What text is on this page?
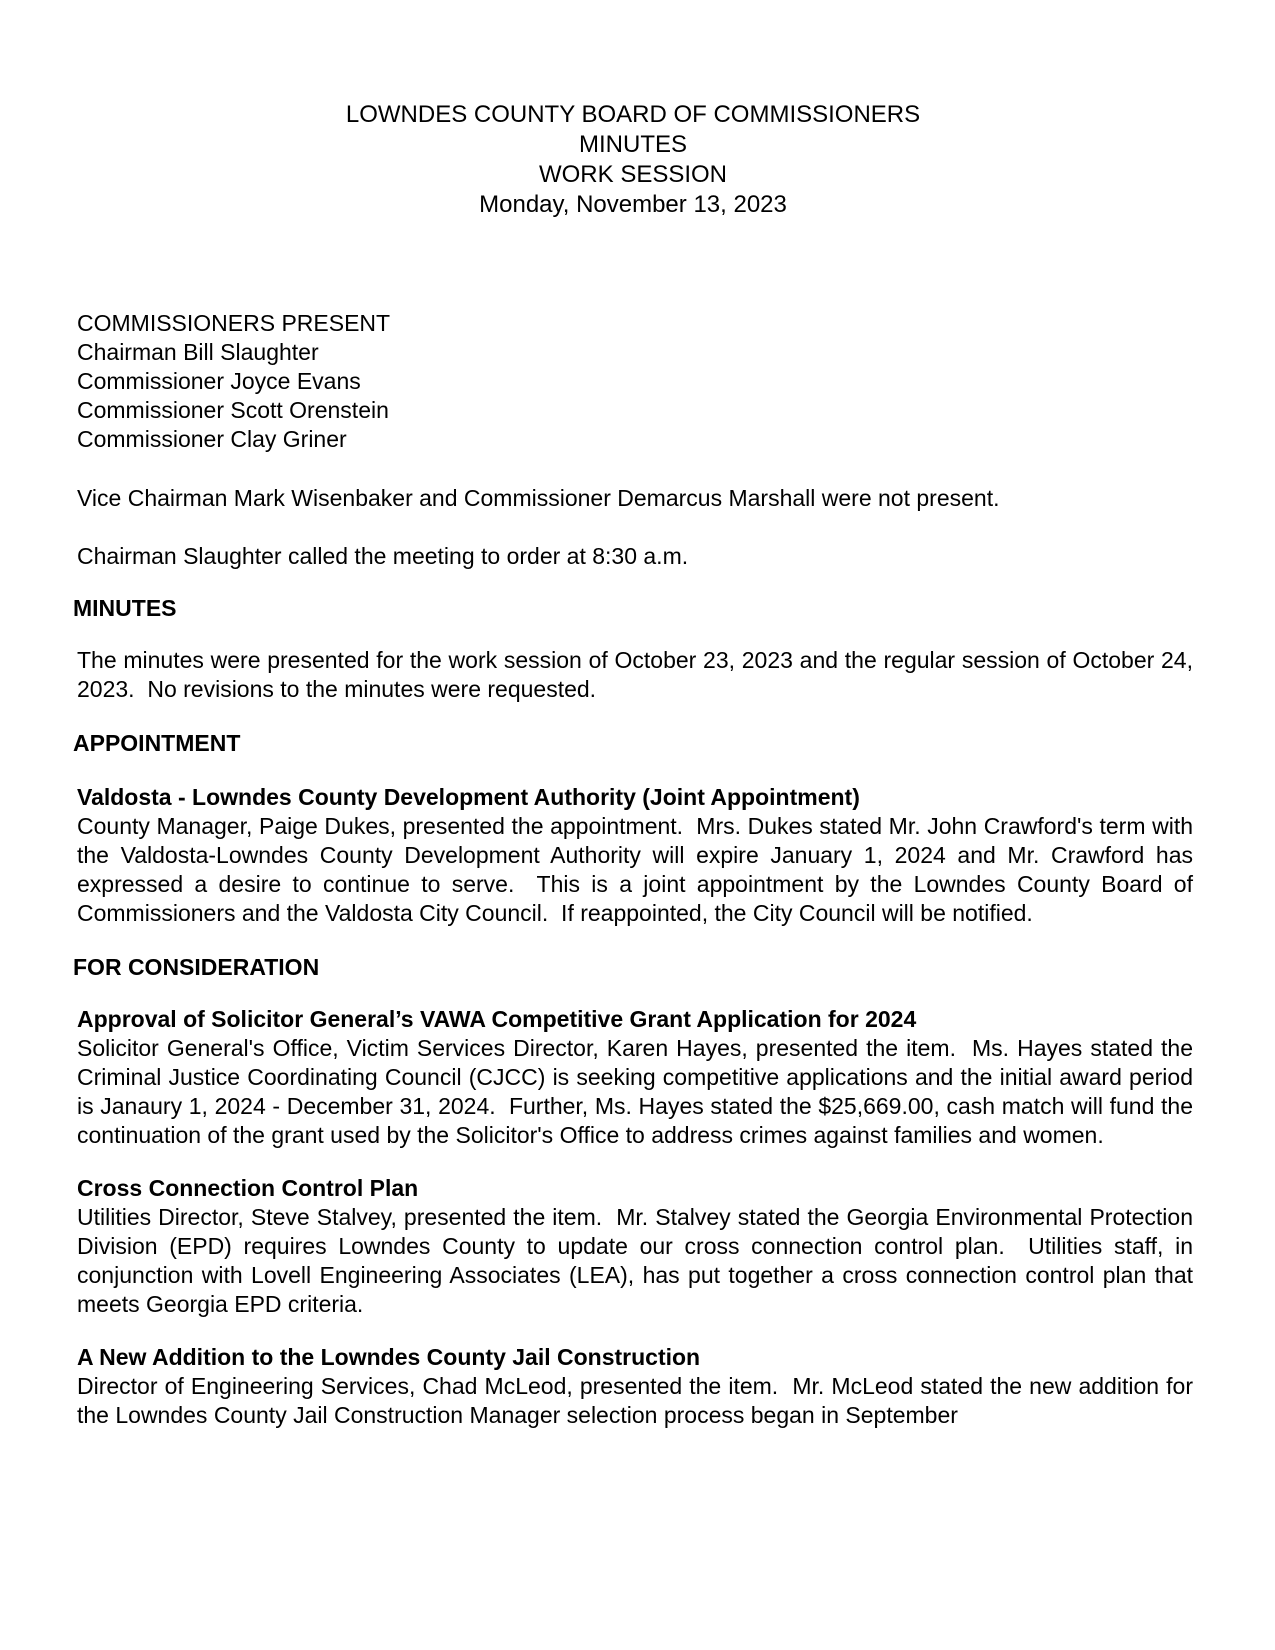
LOWNDES COUNTY BOARD OF COMMISSIONERS
MINUTES
WORK SESSION
Monday, November 13, 2023
COMMISSIONERS PRESENT
Chairman Bill Slaughter
Commissioner Joyce Evans
Commissioner Scott Orenstein
Commissioner Clay Griner
Vice Chairman Mark Wisenbaker and Commissioner Demarcus Marshall were not present.
Chairman Slaughter called the meeting to order at 8:30 a.m.
MINUTES
The minutes were presented for the work session of October 23, 2023 and the regular session of October 24, 2023.  No revisions to the minutes were requested.
APPOINTMENT
Valdosta - Lowndes County Development Authority (Joint Appointment)
County Manager, Paige Dukes, presented the appointment.  Mrs. Dukes stated Mr. John Crawford's term with the Valdosta-Lowndes County Development Authority will expire January 1, 2024 and Mr. Crawford has expressed a desire to continue to serve.  This is a joint appointment by the Lowndes County Board of Commissioners and the Valdosta City Council.  If reappointed, the City Council will be notified.
FOR CONSIDERATION
Approval of Solicitor General’s VAWA Competitive Grant Application for 2024
Solicitor General's Office, Victim Services Director, Karen Hayes, presented the item.  Ms. Hayes stated the Criminal Justice Coordinating Council (CJCC) is seeking competitive applications and the initial award period is Janaury 1, 2024 - December 31, 2024.  Further, Ms. Hayes stated the $25,669.00, cash match will fund the continuation of the grant used by the Solicitor's Office to address crimes against families and women.
Cross Connection Control Plan
Utilities Director, Steve Stalvey, presented the item.  Mr. Stalvey stated the Georgia Environmental Protection Division (EPD) requires Lowndes County to update our cross connection control plan.  Utilities staff, in conjunction with Lovell Engineering Associates (LEA), has put together a cross connection control plan that meets Georgia EPD criteria.
A New Addition to the Lowndes County Jail Construction
Director of Engineering Services, Chad McLeod, presented the item.  Mr. McLeod stated the new addition for the Lowndes County Jail Construction Manager selection process began in September
